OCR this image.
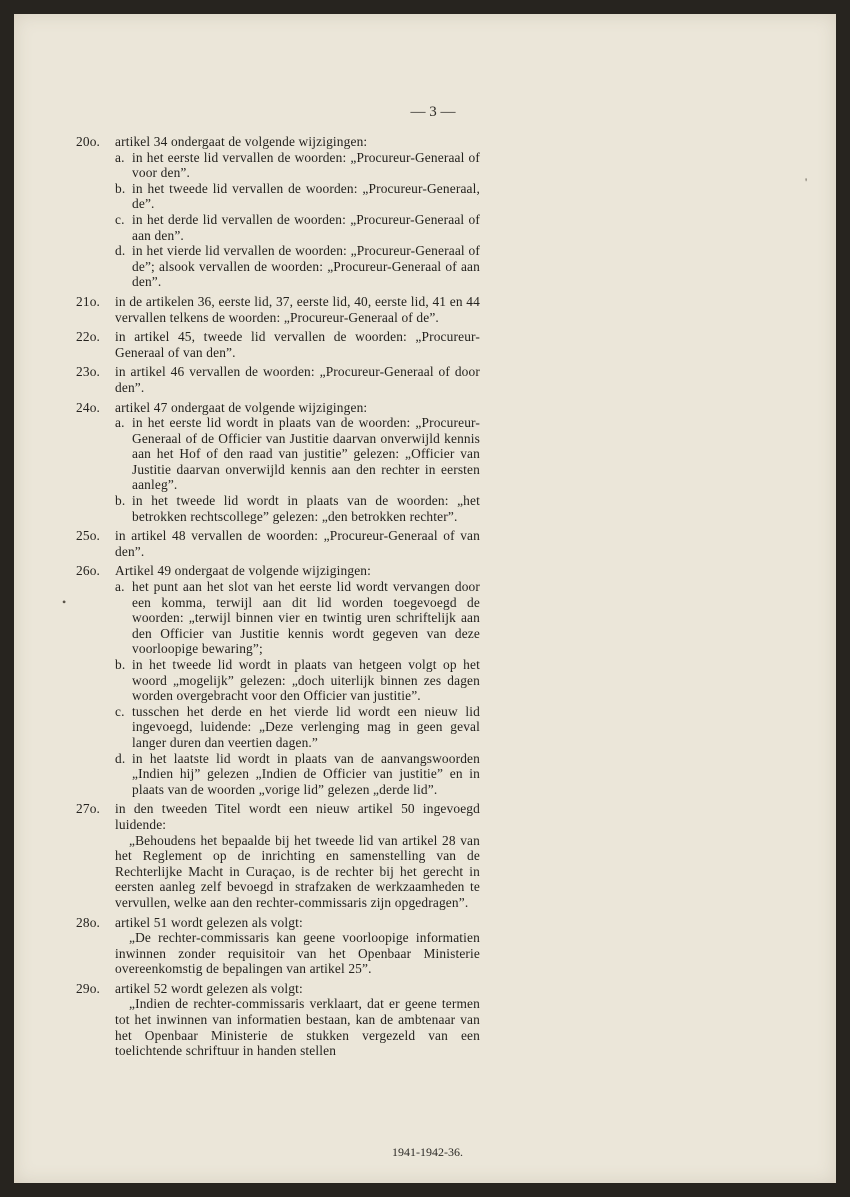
— 3 —
20o.	artikel 34 ondergaat de volgende wijzigingen:
a. in het eerste lid vervallen de woorden: „Procureur-Generaal of voor den”.
b. in het tweede lid vervallen de woorden: „Procureur-Generaal, de”.
c. in het derde lid vervallen de woorden: „Procureur-Generaal of aan den”.
d. in het vierde lid vervallen de woorden: „Procureur-Generaal of de”; alsook vervallen de woorden: „Procureur-Generaal of aan den”.
21o.	in de artikelen 36, eerste lid, 37, eerste lid, 40, eerste lid, 41 en 44 vervallen telkens de woorden: „Procureur-Generaal of de”.
22o.	in artikel 45, tweede lid vervallen de woorden: „Procureur-Generaal of van den”.
23o.	in artikel 46 vervallen de woorden: „Procureur-Generaal of door den”.
24o.	artikel 47 ondergaat de volgende wijzigingen:
a. in het eerste lid wordt in plaats van de woorden: „Procureur-Generaal of de Officier van Justitie daarvan onverwijld kennis aan het Hof of den raad van justitie” gelezen: „Officier van Justitie daarvan onverwijld kennis aan den rechter in eersten aanleg”.
b. in het tweede lid wordt in plaats van de woorden: „het betrokken rechtscollege” gelezen: „den betrokken rechter”.
25o.	in artikel 48 vervallen de woorden: „Procureur-Generaal of van den”.
26o.	Artikel 49 ondergaat de volgende wijzigingen:
a. het punt aan het slot van het eerste lid wordt vervangen door een komma, terwijl aan dit lid worden toegevoegd de woorden: „terwijl binnen vier en twintig uren schriftelijk aan den Officier van Justitie kennis wordt gegeven van deze voorloopige bewaring”;
b. in het tweede lid wordt in plaats van hetgeen volgt op het woord „mogelijk” gelezen: „doch uiterlijk binnen zes dagen worden overgebracht voor den Officier van justitie”.
c. tusschen het derde en het vierde lid wordt een nieuw lid ingevoegd, luidende: „Deze verlenging mag in geen geval langer duren dan veertien dagen.”
d. in het laatste lid wordt in plaats van de aanvangswoorden „Indien hij” gelezen „Indien de Officier van justitie” en in plaats van de woorden „vorige lid” gelezen „derde lid”.
27o.	in den tweeden Titel wordt een nieuw artikel 50 ingevoegd luidende:
„Behoudens het bepaalde bij het tweede lid van artikel 28 van het Reglement op de inrichting en samenstelling van de Rechterlijke Macht in Curaçao, is de rechter bij het gerecht in eersten aanleg zelf bevoegd in strafzaken de werkzaamheden te vervullen, welke aan den rechter-commissaris zijn opgedragen”.
28o.	artikel 51 wordt gelezen als volgt:
„De rechter-commissaris kan geene voorloopige informatien inwinnen zonder requisitoir van het Openbaar Ministerie overeenkomstig de bepalingen van artikel 25”.
29o.	artikel 52 wordt gelezen als volgt:
„Indien de rechter-commissaris verklaart, dat er geene termen tot het inwinnen van informatien bestaan, kan de ambtenaar van het Openbaar Ministerie de stukken vergezeld van een toelichtende schriftuur in handen stellen
•
'
1941-1942-36.
